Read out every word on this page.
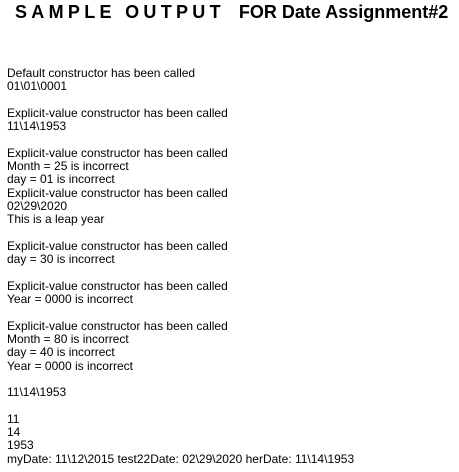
SAMPLE OUTPUT FOR Date Assignment#2
Default constructor has been called
01\01\0001
Explicit-value constructor has been called
11\14\1953
Explicit-value constructor has been called
Month = 25 is incorrect
day = 01 is incorrect
Explicit-value constructor has been called
02\29\2020
This is a leap year
Explicit-value constructor has been called
day = 30 is incorrect
Explicit-value constructor has been called
Year = 0000 is incorrect
Explicit-value constructor has been called
Month = 80 is incorrect
day = 40 is incorrect
Year = 0000 is incorrect
11\14\1953
11
14
1953
myDate: 11\12\2015 test22Date: 02\29\2020 herDate: 11\14\1953
